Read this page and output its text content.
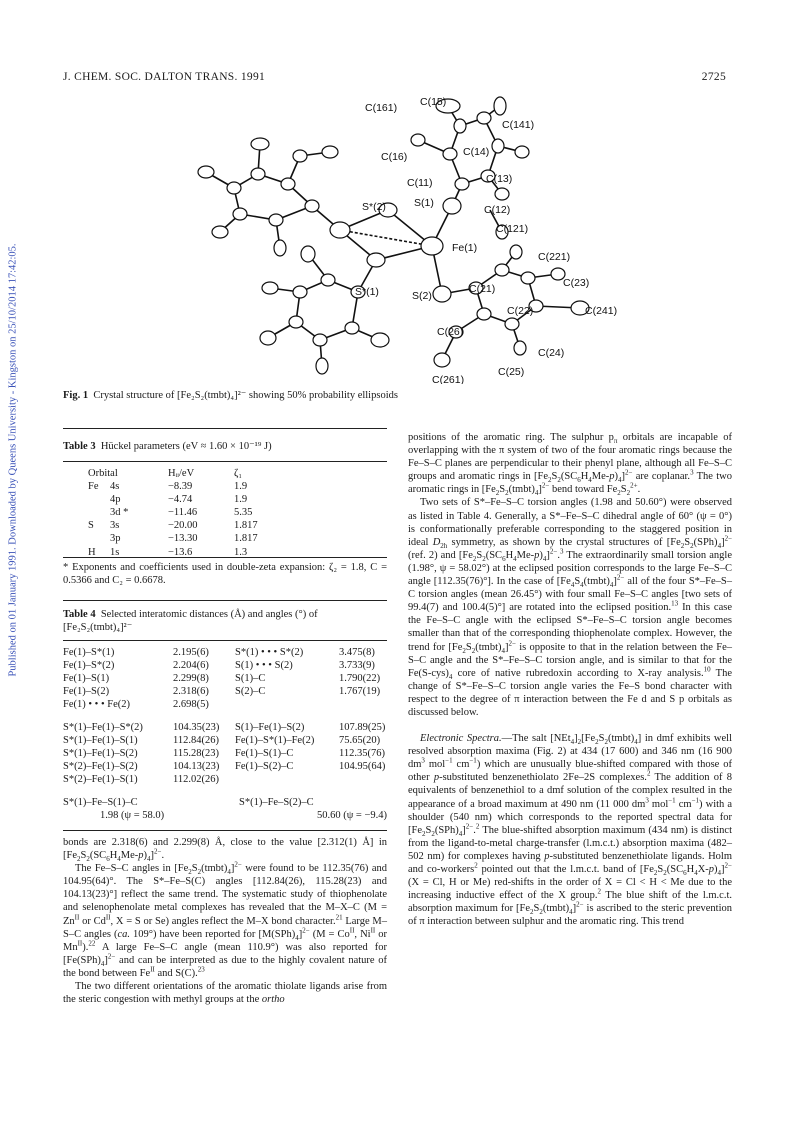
J. CHEM. SOC. DALTON TRANS. 1991	2725
Published on 01 January 1991. Downloaded by Queens University - Kingston on 25/10/2014 17:42:05.
C(15)
C(161)
C(141)
C(16)	C(14)
C(11)	C(13)
S*(2)	S(1)
C(12)
C(121)
Fe(1)
C(221)
S*(1)	S(2)
C(21)	C(23)
C(22)	C(241)
C(26)
C(24)
C(25)
C(261)
Fig. 1 Crystal structure of [Fe₂S₂(tmbt)₄]²⁻ showing 50% probability ellipsoids
Table 3 Hückel parameters (eV ≈ 1.60 × 10⁻¹⁹ J)
Orbital		Hᵢᵢ/eV	ζ₁
Fe	4s	−8.39	1.9
	4p	−4.74	1.9
	3d *	−11.46	5.35
S	3s	−20.00	1.817
	3p	−13.30	1.817
H	1s	−13.6	1.3
* Exponents and coefficients used in double-zeta expansion: ζ₂ = 1.8, C = 0.5366 and C₂ = 0.6678.
Table 4 Selected interatomic distances (Å) and angles (°) of [Fe₂S₂(tmbt)₄]²⁻
Fe(1)–S*(1)	2.195(6)	S*(1) • • • S*(2)	3.475(8)
Fe(1)–S*(2)	2.204(6)	S(1) • • • S(2)	3.733(9)
Fe(1)–S(1)	2.299(8)	S(1)–C	1.790(22)
Fe(1)–S(2)	2.318(6)	S(2)–C	1.767(19)
Fe(1) • • • Fe(2)	2.698(5)		
S*(1)–Fe(1)–S*(2)	104.35(23)	S(1)–Fe(1)–S(2)	107.89(25)
S*(1)–Fe(1)–S(1)	112.84(26)	Fe(1)–S*(1)–Fe(2)	75.65(20)
S*(1)–Fe(1)–S(2)	115.28(23)	Fe(1)–S(1)–C	112.35(76)
S*(2)–Fe(1)–S(2)	104.13(23)	Fe(1)–S(2)–C	104.95(64)
S*(2)–Fe(1)–S(1)	112.02(26)		
S*(1)–Fe–S(1)–C
1.98 (ψ = 58.0)
S*(1)–Fe–S(2)–C
50.60 (ψ = −9.4)

bonds are 2.318(6) and 2.299(8) Å, close to the value [2.312(1) Å] in $[Fe_2S_2(SC_6H_4Me-p)_4]^{2-}$.

The Fe–S–C angles in $[Fe_2S_2(tmbt)_4]^{2-}$ were found to be 112.35(76) and 104.95(64)°. The S*–Fe–S(C) angles [112.84(26), 115.28(23) and 104.13(23)°] reflect the same trend. The systematic study of thiophenolate and selenophenolate metal complexes has revealed that the M–X–C ($M = Zn^{II}$ or $Cd^{II}$, X = S or Se) angles reflect the M–X bond character.$^{21}$ Large M–S–C angles (ca. 109°) have been reported for $[M(SPh)_4]^{2-}$ ($M = Co^{II}$, $Ni^{II}$ or $Mn^{II}).^{22}$ A large Fe–S–C angle (mean 110.9°) was also reported for $[Fe(SPh)_4]^{2-}$ and can be interpreted as due to the highly covalent nature of the bond between $Fe^{II}$ and S(C).$^{23}$

The two different orientations of the aromatic thiolate ligands arise from the steric congestion with methyl groups at the ortho

positions of the aromatic ring. The sulphur $p_\pi$ orbitals are incapable of overlapping with the π system of two of the four aromatic rings because the Fe–S–C planes are perpendicular to their phenyl plane, although all Fe–S–C groups and aromatic rings in $[Fe_2S_2(SC_6H_4Me-p)_4]^{2-}$ are coplanar.$^3$ The two aromatic rings in $[Fe_2S_2(tmbt)_4]^{2-}$ bend toward $Fe_2S_2^{2+}$.

Two sets of S*–Fe–S–C torsion angles (1.98 and 50.60°) were observed as listed in Table 4. Generally, a S*–Fe–S–C dihedral angle of 60° (ψ = 0°) is conformationally preferable corresponding to the staggered position in ideal $D_{2h}$ symmetry, as shown by the crystal structures of $[Fe_2S_2(SPh)_4]^{2-}$ (ref. 2) and $[Fe_2S_2(SC_6H_4Me-p)_4]^{2-}.^3$ The extraordinarily small torsion angle (1.98°, ψ = 58.02°) at the eclipsed position corresponds to the large Fe–S–C angle [112.35(76)°]. In the case of $[Fe_4S_4(tmbt)_4]^{2-}$ all of the four S*–Fe–S–C torsion angles (mean 26.45°) with four small Fe–S–C angles [two sets of 99.4(7) and 100.4(5)°] are rotated into the eclipsed position.$^{13}$ In this case the Fe–S–C angle with the eclipsed S*–Fe–S–C torsion angle becomes smaller than that of the corresponding thiophenolate complex. However, the trend for $[Fe_2S_2(tmbt)_4]^{2-}$ is opposite to that in the relation between the Fe–S–C angle and the S*–Fe–S–C torsion angle, and is similar to that for the $Fe(S-cys)_4$ core of native rubredoxin according to X-ray analysis.$^{10}$ The change of S*–Fe–S–C torsion angle varies the Fe–S bond character with respect to the degree of π interaction between the Fe d and S p orbitals as discussed below.

Electronic Spectra.—The salt $[NEt_4]_2[Fe_2S_2(tmbt)_4]$ in dmf exhibits well resolved absorption maxima (Fig. 2) at 434 (17 600) and 346 nm (16 900 $dm^3$ mol$^{-1}$ $cm^{-1}$) which are unusually blue-shifted compared with those of other p-substituted benzenethiolato 2Fe–2S complexes.$^2$ The addition of 8 equivalents of benzenethiol to a dmf solution of the complex resulted in the appearance of a broad maximum at 490 nm (11 000 $dm^3$ mol$^{-1}$ $cm^{-1}$) with a shoulder (540 nm) which corresponds to the reported spectral data for $[Fe_2S_2(SPh)_4]^{2-}.^2$ The blue-shifted absorption maximum (434 nm) is distinct from the ligand-to-metal charge-transfer (l.m.c.t.) absorption maxima (482–502 nm) for complexes having p-substituted benzenethiolate ligands. Holm and co-workers$^2$ pointed out that the l.m.c.t. band of $[Fe_2S_2(SC_6H_4X-p)_4]^{2-}$ (X = Cl, H or Me) red-shifts in the order of X = Cl < H < Me due to the increasing inductive effect of the X group.$^2$ The blue shift of the l.m.c.t. absorption maximum for $[Fe_2S_2(tmbt)_4]^{2-}$ is ascribed to the steric prevention of π interaction between sulphur and the aromatic ring. This trend
